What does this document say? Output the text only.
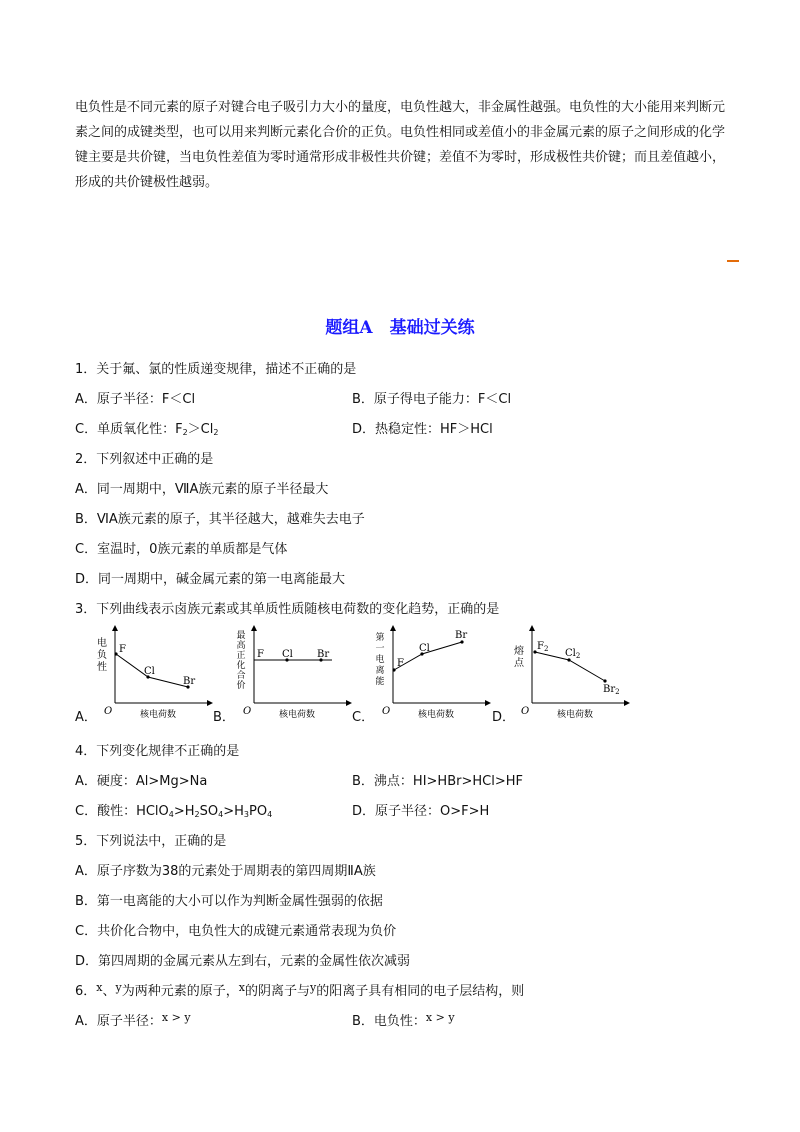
电负性是不同元素的原子对键合电子吸引力大小的量度，电负性越大，非金属性越强。电负性的大小能用来判断元素之间的成键类型，也可以用来判断元素化合价的正负。电负性相同或差值小的非金属元素的原子之间形成的化学键主要是共价键，当电负性差值为零时通常形成非极性共价键；差值不为零时，形成极性共价键；而且差值越小，形成的共价键极性越弱。
题组A　基础过关练
1．关于氟、氯的性质递变规律，描述不正确的是
A．原子半径：F＜Cl	B．原子得电子能力：F＜Cl
C．单质氧化性：$F_2>Cl_2$	D．热稳定性：HF＞HCl
2．下列叙述中正确的是
A．同一周期中，ⅦA族元素的原子半径最大
B．ⅥA族元素的原子，其半径越大，越难失去电子
C．室温时，0族元素的单质都是气体
D．同一周期中，碱金属元素的第一电离能最大
3．下列曲线表示卤族元素或其单质性质随核电荷数的变化趋势，正确的是
A．	B．	C．	D．
电
负
性
F
Cl
Br
O	核电荷数
最
高
正
化
合
价
F Cl Br
O	核电荷数
第
一
电
离
能
F
Cl
Br
O	核电荷数
熔
点
$F_2$ $Cl_2$
$Br_2$
O	核电荷数
4．下列变化规律不正确的是
A．硬度：Al>Mg>Na	B．沸点：HI>HBr>HCl>HF
C．酸性：$HClO_4>H_2SO_4>H_3PO_4$	D．原子半径：O>F>H
5．下列说法中，正确的是
A．原子序数为38的元素处于周期表的第四周期ⅡA族
B．第一电离能的大小可以作为判断金属性强弱的依据
C．共价化合物中，电负性大的成键元素通常表现为负价
D．第四周期的金属元素从左到右，元素的金属性依次减弱
6．$^x$、$^y$为两种元素的原子，$^x$的阴离子与$^y$的阳离子具有相同的电子层结构，则
A．原子半径：$^{x > y}$	B．电负性：$^{x > y}$
